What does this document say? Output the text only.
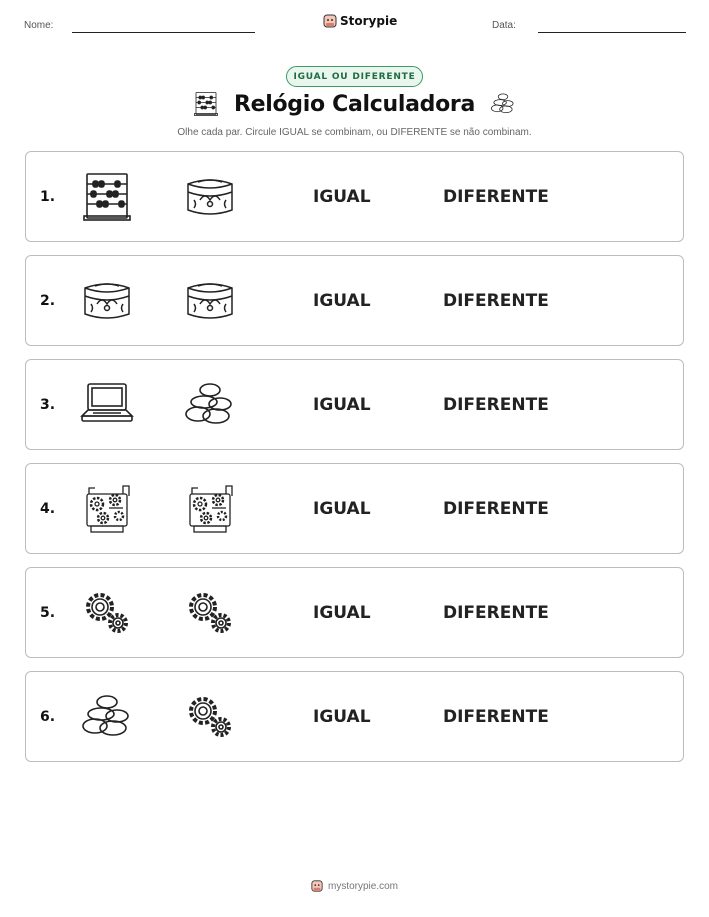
Nome:	Storypie	Data:
IGUAL OU DIFERENTE
Relógio Calculadora
Olhe cada par. Circule IGUAL se combinam, ou DIFERENTE se não combinam.
1.	IGUAL	DIFERENTE
2.	IGUAL	DIFERENTE
3.	IGUAL	DIFERENTE
4.	IGUAL	DIFERENTE
5.	IGUAL	DIFERENTE
6.	IGUAL	DIFERENTE
mystorypie.com
